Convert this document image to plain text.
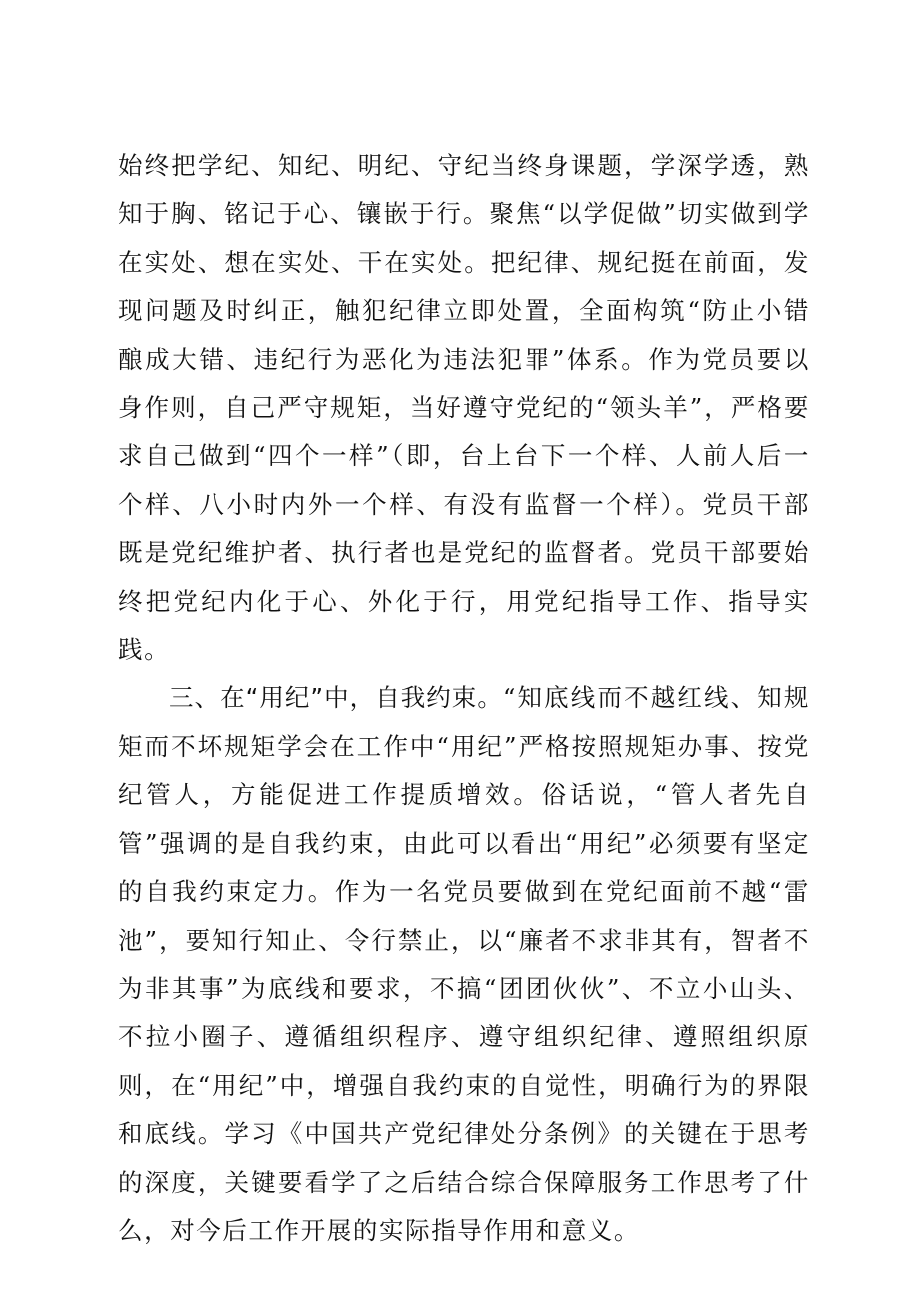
始终把学纪、知纪、明纪、守纪当终身课题，学深学透，熟知于胸、铭记于心、镶嵌于行。聚焦“以学促做”切实做到学在实处、想在实处、干在实处。把纪律、规纪挺在前面，发现问题及时纠正，触犯纪律立即处置，全面构筑“防止小错酿成大错、违纪行为恶化为违法犯罪”体系。作为党员要以身作则，自己严守规矩，当好遵守党纪的“领头羊”，严格要求自己做到“四个一样”（即，台上台下一个样、人前人后一个样、八小时内外一个样、有没有监督一个样）。党员干部既是党纪维护者、执行者也是党纪的监督者。党员干部要始终把党纪内化于心、外化于行，用党纪指导工作、指导实践。

三、在“用纪”中，自我约束。“知底线而不越红线、知规矩而不坏规矩学会在工作中“用纪”严格按照规矩办事、按党纪管人，方能促进工作提质增效。俗话说，“管人者先自管”强调的是自我约束，由此可以看出“用纪”必须要有坚定的自我约束定力。作为一名党员要做到在党纪面前不越“雷池”，要知行知止、令行禁止，以“廉者不求非其有，智者不为非其事”为底线和要求，不搞“团团伙伙”、不立小山头、不拉小圈子、遵循组织程序、遵守组织纪律、遵照组织原则，在“用纪”中，增强自我约束的自觉性，明确行为的界限和底线。学习《中国共产党纪律处分条例》的关键在于思考的深度，关键要看学了之后结合综合保障服务工作思考了什么，对今后工作开展的实际指导作用和意义。
